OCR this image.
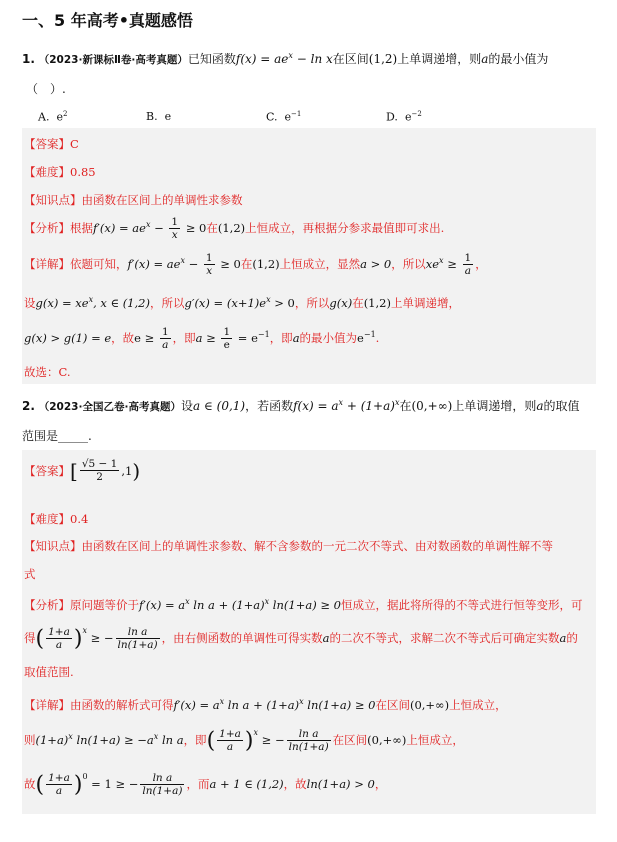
一、5 年高考•真题感悟
1. （2023·新课标Ⅱ卷·高考真题）已知函数$f(x) = ae^x - \ln x$在区间(1,2)上单调递增，则a的最小值为
（　）.
A. $e^2$	B. e	C. $e^{-1}$	D. $e^{-2}$
【答案】C
【难度】0.85
【知识点】由函数在区间上的单调性求参数
【分析】根据$f'(x) = ae^x - \frac{1}{x} \ge 0$在(1,2)上恒成立，再根据分参求最值即可求出.
【详解】依题可知，$f'(x) = ae^x - \frac{1}{x} \ge 0$在(1,2)上恒成立，显然a > 0，所以$xe^x \ge \frac{1}{a}$ ，
设$g(x) = xe^x$, x ∈ (1,2)，所以$g'(x) = (x+1)e^x > 0$，所以g(x)在(1,2)上单调递增，
g(x) > g(1) = e，故$e \ge \frac{1}{a}$ ，即$a \ge \frac{1}{e} = e^{-1}$，即a的最小值为$e^{-1}$.
故选：C.
2. （2023·全国乙卷·高考真题）设a ∈ (0,1)，若函数$f(x) = a^x + (1+a)^x$在(0,+∞)上单调递增，则a的取值
范围是_____.
【答案】[ $\frac{√5 - 1}{2} ,1$)
【难度】0.4
【知识点】由函数在区间上的单调性求参数、解不含参数的一元二次不等式、由对数函数的单调性解不等
式
【分析】原问题等价于$f'(x) = a^x$ $\ln a + (1+a)^x$ ln(1+a) ≥ 0恒成立，据此将所得的不等式进行恒等变形，可
得( $\frac{1+a}{a} )^x$ ≥ − $\frac{\text{ln a}}{\ln(1+a)}$ ，由右侧函数的单调性可得实数a的二次不等式，求解二次不等式后可确定实数a的
取值范围.
【详解】由函数的解析式可得$f'(x) = a^x$ $\ln a + (1+a)^x$ ln(1+a) ≥ 0在区间(0,+∞)上恒成立，
则$(1+a)^x$ $\ln(1+a) \ge -a^x$ ln a，即( $\frac{1+a}{a} )^x$ ≥ − $\frac{\text{ln a}}{\ln(1+a)}$ 在区间(0,+∞)上恒成立，
故( $\frac{1+a}{a} )^0 = 1$ ≥ − $\frac{\text{ln a}}{\ln(1+a)}$ ，而a + 1 ∈ (1,2)，故ln(1+a) > 0，
